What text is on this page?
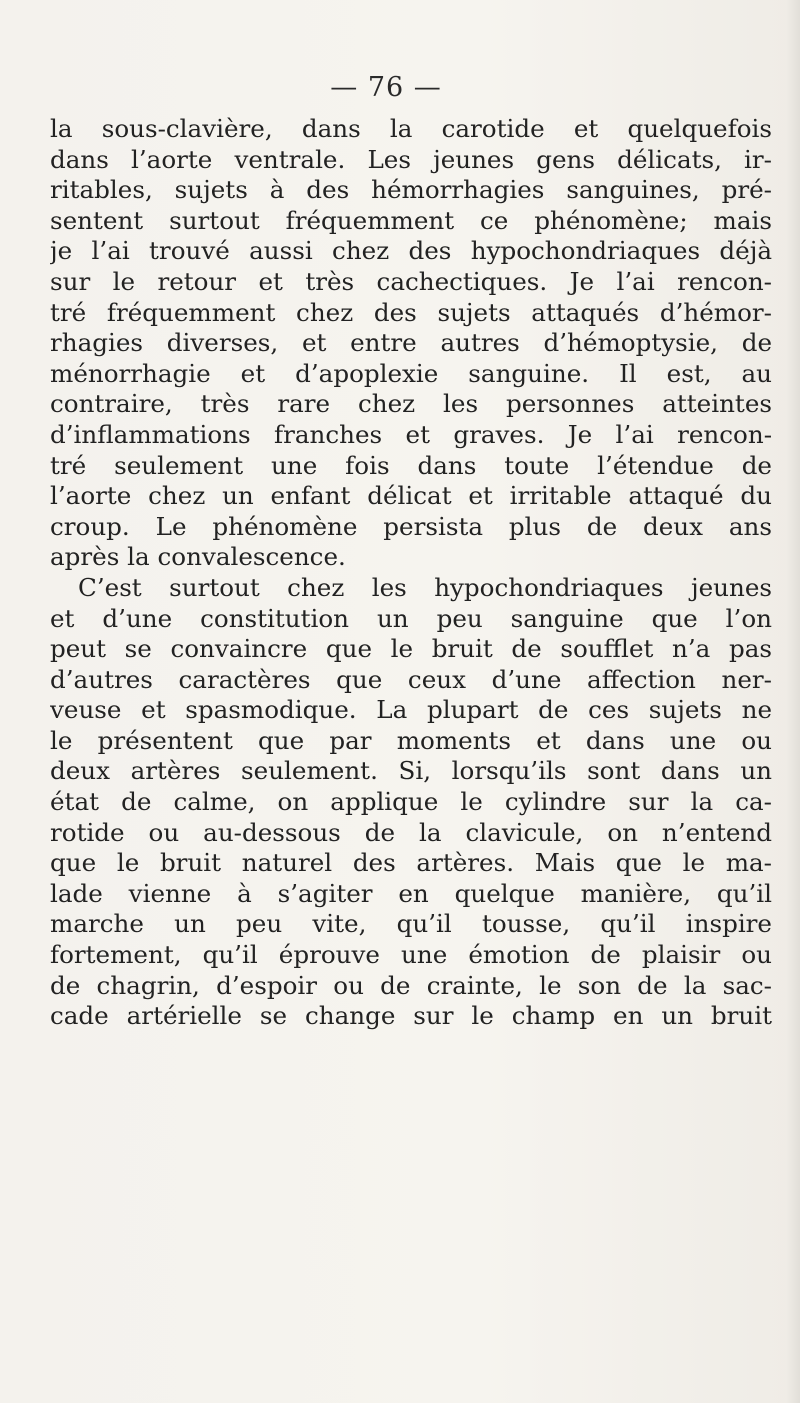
— 76 —
la sous-clavière, dans la carotide et quelquefois
dans l’aorte ventrale. Les jeunes gens délicats, ir-
ritables, sujets à des hémorrhagies sanguines, pré-
sentent surtout fréquemment ce phénomène; mais
je l’ai trouvé aussi chez des hypochondriaques déjà
sur le retour et très cachectiques. Je l’ai rencon-
tré fréquemment chez des sujets attaqués d’hémor-
rhagies diverses, et entre autres d’hémoptysie, de
ménorrhagie et d’apoplexie sanguine. Il est, au
contraire, très rare chez les personnes atteintes
d’inflammations franches et graves. Je l’ai rencon-
tré seulement une fois dans toute l’étendue de
l’aorte chez un enfant délicat et irritable attaqué du
croup. Le phénomène persista plus de deux ans
après la convalescence.
C’est surtout chez les hypochondriaques jeunes
et d’une constitution un peu sanguine que l’on
peut se convaincre que le bruit de soufflet n’a pas
d’autres caractères que ceux d’une affection ner-
veuse et spasmodique. La plupart de ces sujets ne
le présentent que par moments et dans une ou
deux artères seulement. Si, lorsqu’ils sont dans un
état de calme, on applique le cylindre sur la ca-
rotide ou au-dessous de la clavicule, on n’entend
que le bruit naturel des artères. Mais que le ma-
lade vienne à s’agiter en quelque manière, qu’il
marche un peu vite, qu’il tousse, qu’il inspire
fortement, qu’il éprouve une émotion de plaisir ou
de chagrin, d’espoir ou de crainte, le son de la sac-
cade artérielle se change sur le champ en un bruit
